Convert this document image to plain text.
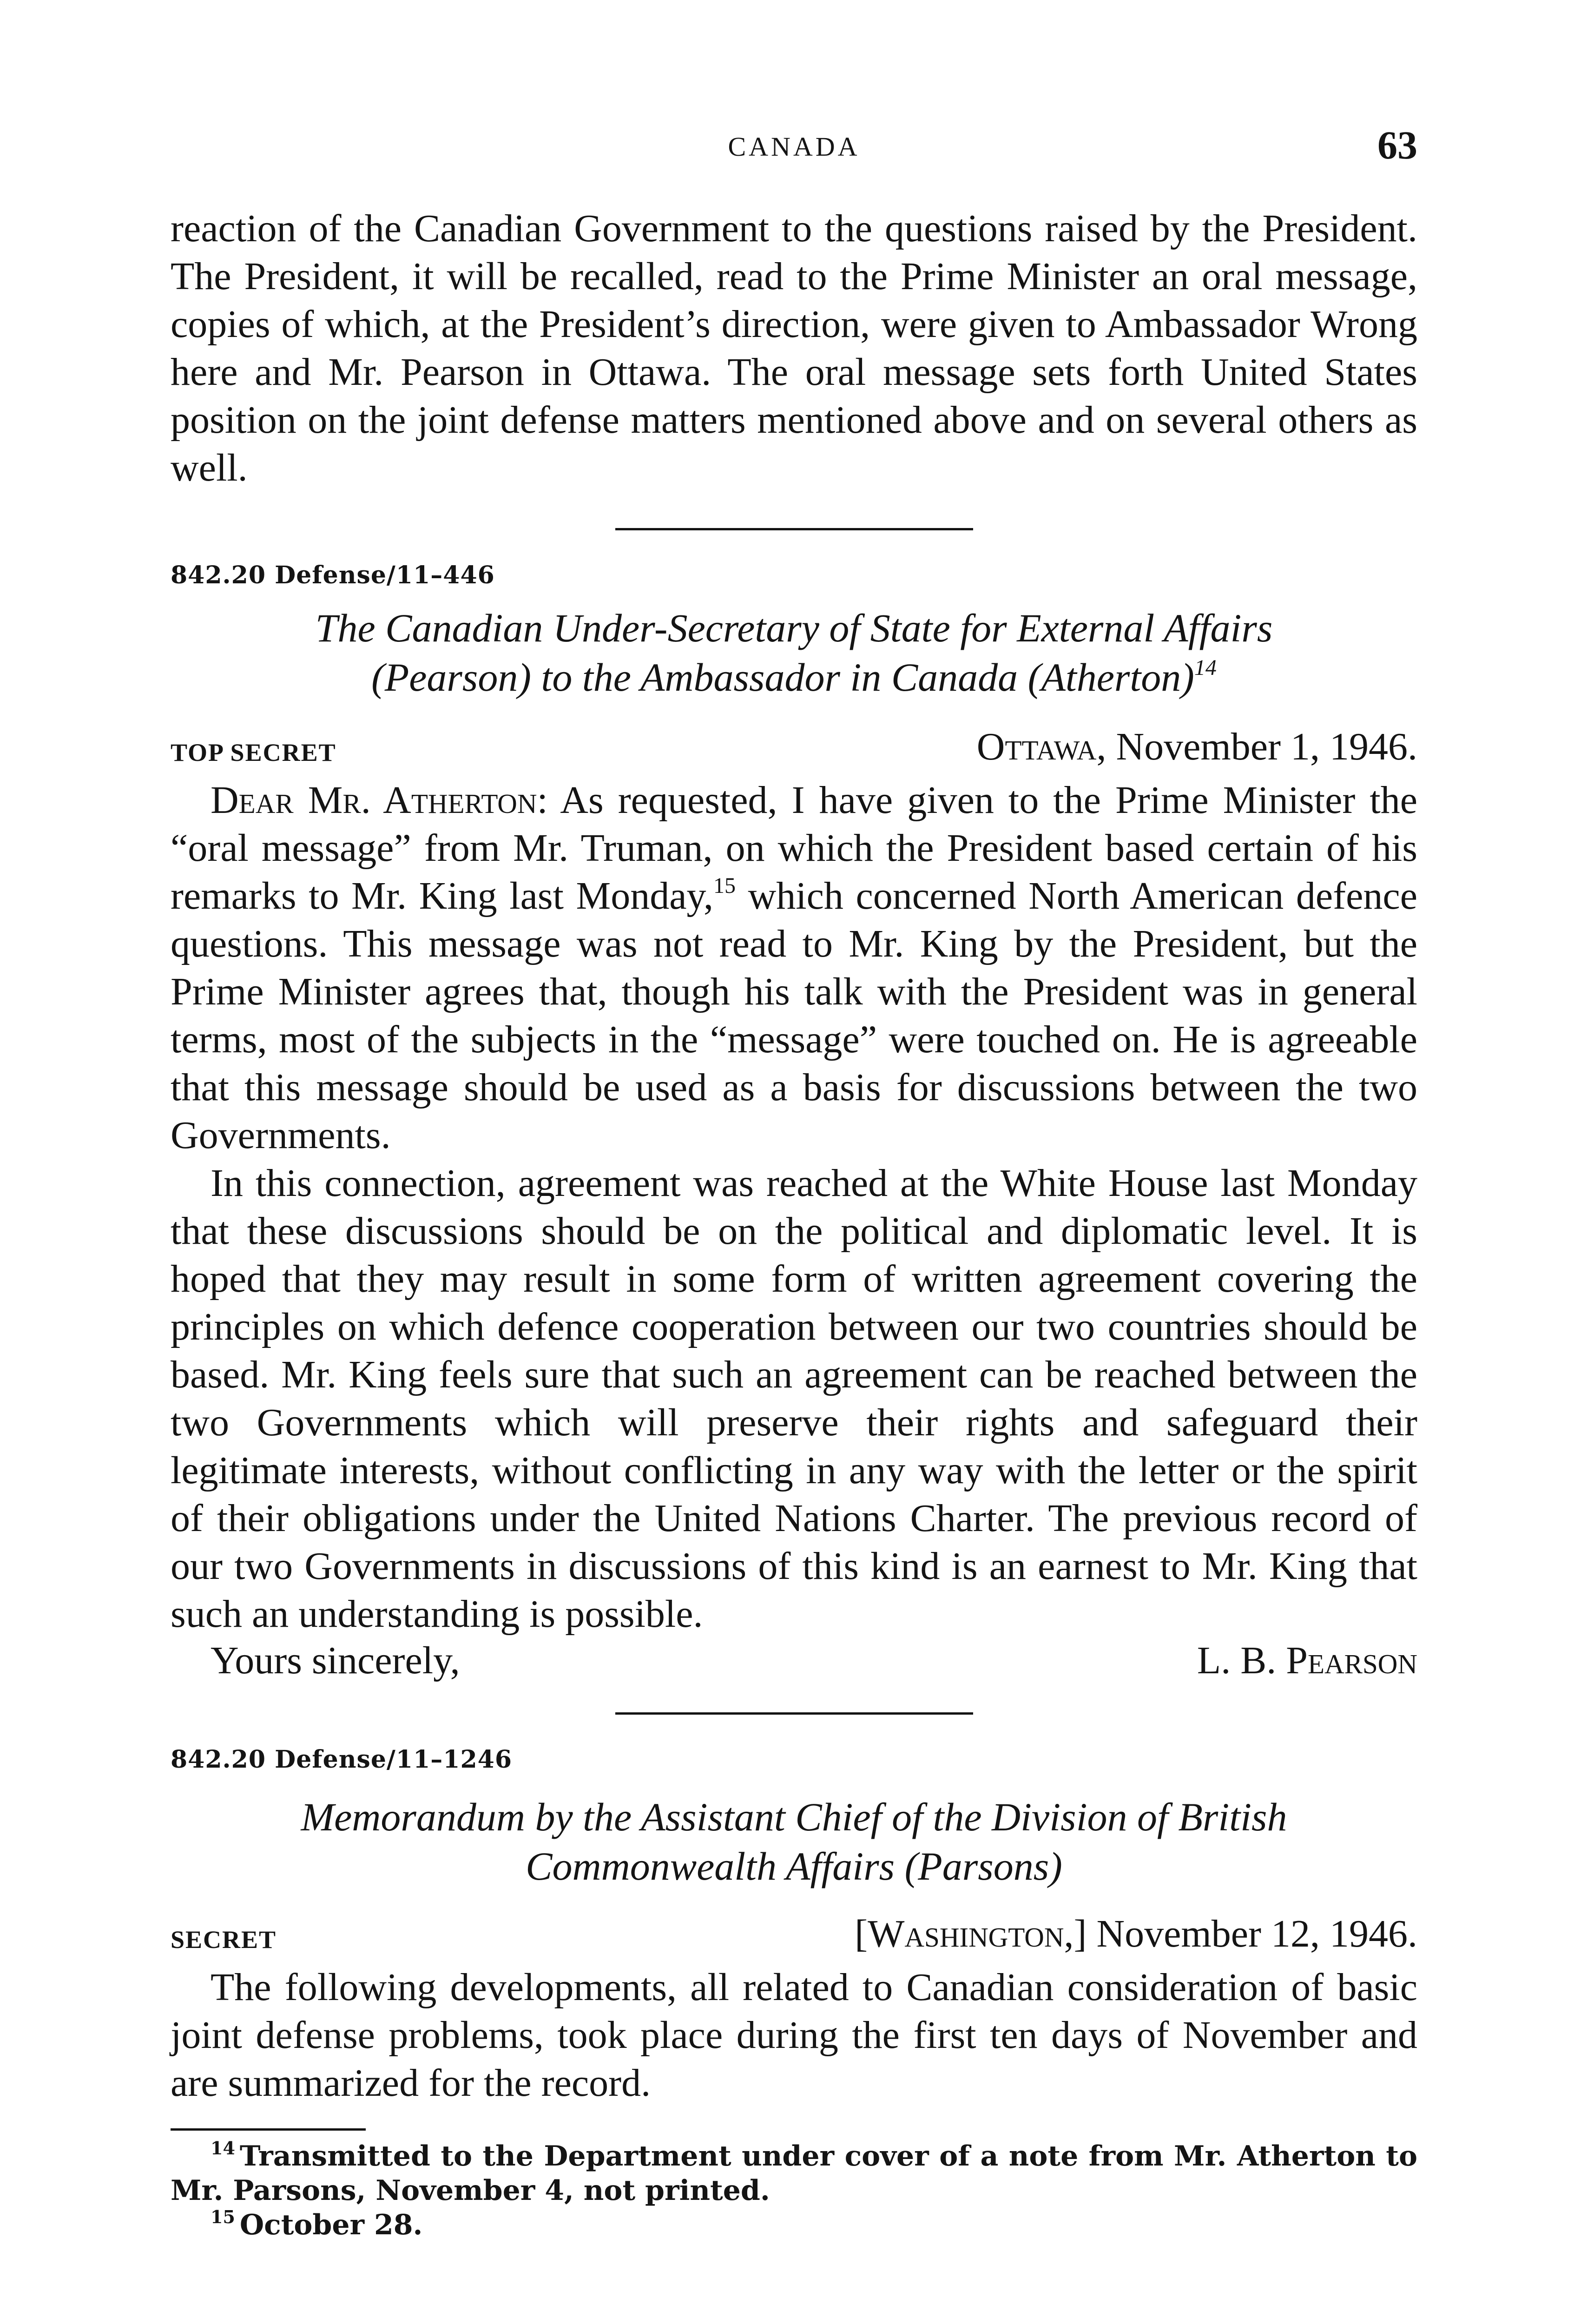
CANADA	63

reaction of the Canadian Government to the questions raised by the President. The President, it will be recalled, read to the Prime Minister an oral message, copies of which, at the President’s direction, were given to Ambassador Wrong here and Mr. Pearson in Ottawa. The oral message sets forth United States position on the joint defense matters mentioned above and on several others as well.

842.20 Defense/11–446
The Canadian Under-Secretary of State for External Affairs
(Pearson) to the Ambassador in Canada (Atherton)$^{14}$
TOP SECRET	Ottawa, November 1, 1946.

Dear Mr. Atherton: As requested, I have given to the Prime Minister the “oral message” from Mr. Truman, on which the President based certain of his remarks to Mr. King last Monday,$^{15}$ which concerned North American defence questions. This message was not read to Mr. King by the President, but the Prime Minister agrees that, though his talk with the President was in general terms, most of the subjects in the “message” were touched on. He is agreeable that this message should be used as a basis for discussions between the two Governments.

In this connection, agreement was reached at the White House last Monday that these discussions should be on the political and diplomatic level. It is hoped that they may result in some form of written agreement covering the principles on which defence cooperation between our two countries should be based. Mr. King feels sure that such an agreement can be reached between the two Governments which will preserve their rights and safeguard their legitimate interests, without conflicting in any way with the letter or the spirit of their obligations under the United Nations Charter. The previous record of our two Governments in discussions of this kind is an earnest to Mr. King that such an understanding is possible.

Yours sincerely,	L. B. Pearson
842.20 Defense/11–1246
Memorandum by the Assistant Chief of the Division of British
Commonwealth Affairs (Parsons)
SECRET	[Washington,] November 12, 1946.

The following developments, all related to Canadian consideration of basic joint defense problems, took place during the first ten days of November and are summarized for the record.

$^{14}$ Transmitted to the Department under cover of a note from Mr. Atherton to Mr. Parsons, November 4, not printed.

$^{15}$ October 28.
